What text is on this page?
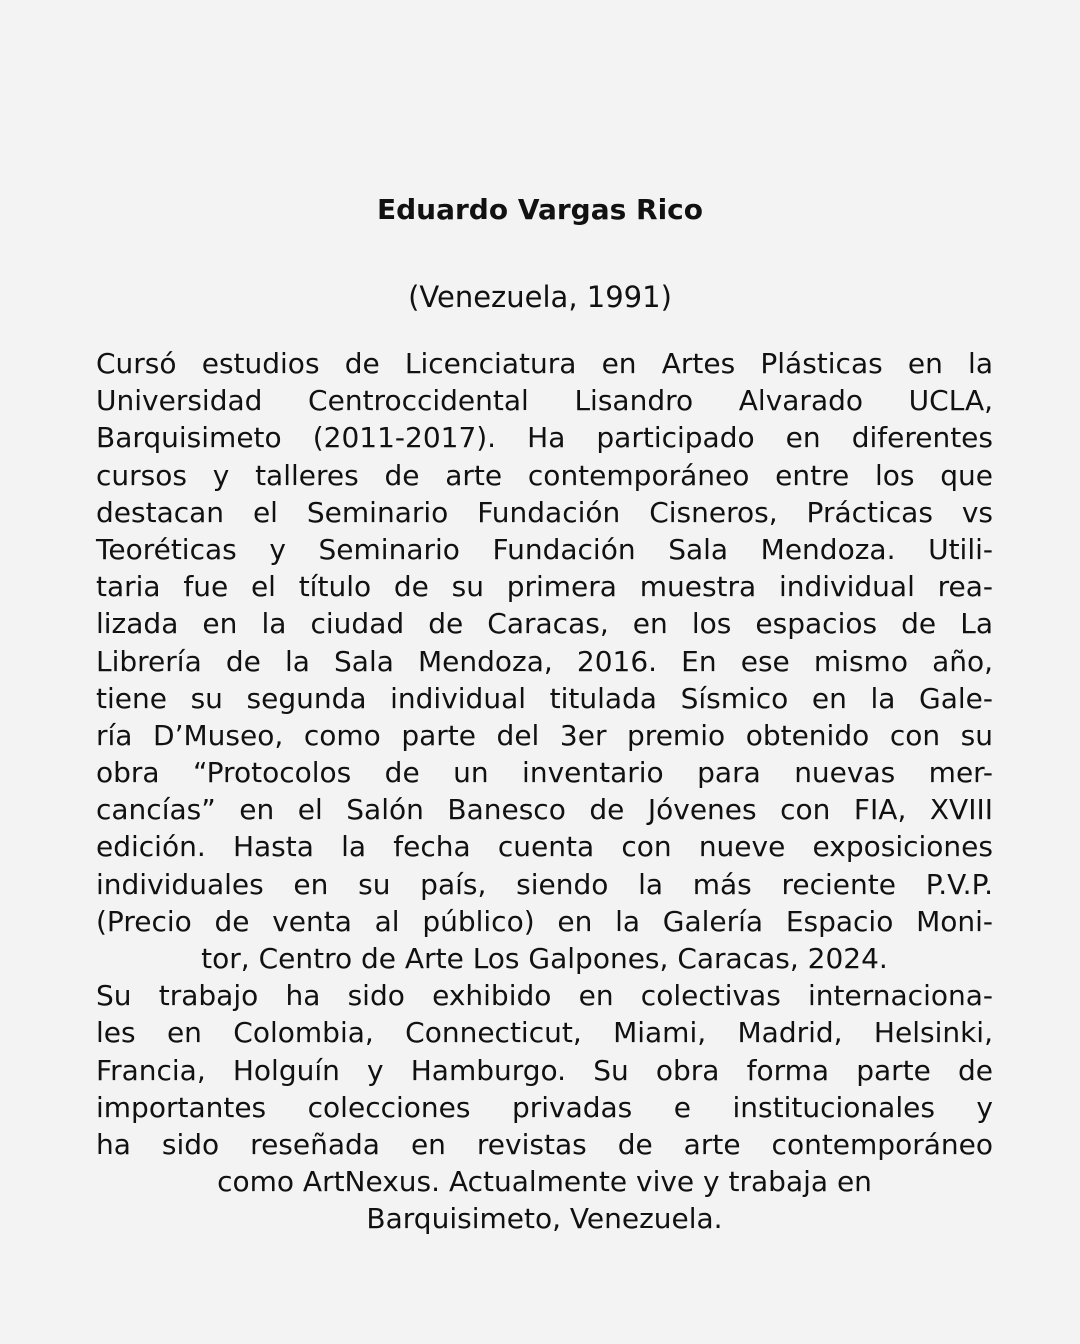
Eduardo Vargas Rico
(Venezuela, 1991)
Cursó estudios de Licenciatura en Artes Plásticas en la
Universidad Centroccidental Lisandro Alvarado UCLA,
Barquisimeto (2011-2017). Ha participado en diferentes
cursos y talleres de arte contemporáneo entre los que
destacan el Seminario Fundación Cisneros, Prácticas vs
Teoréticas y Seminario Fundación Sala Mendoza. Utili-
taria fue el título de su primera muestra individual rea-
lizada en la ciudad de Caracas, en los espacios de La
Librería de la Sala Mendoza, 2016. En ese mismo año,
tiene su segunda individual titulada Sísmico en la Gale-
ría D’Museo, como parte del 3er premio obtenido con su
obra “Protocolos de un inventario para nuevas mer-
cancías” en el Salón Banesco de Jóvenes con FIA, XVIII
edición. Hasta la fecha cuenta con nueve exposiciones
individuales en su país, siendo la más reciente P.V.P.
(Precio de venta al público) en la Galería Espacio Moni-
tor, Centro de Arte Los Galpones, Caracas, 2024.
Su trabajo ha sido exhibido en colectivas internaciona-
les en Colombia, Connecticut, Miami, Madrid, Helsinki,
Francia, Holguín y Hamburgo. Su obra forma parte de
importantes colecciones privadas e institucionales y
ha sido reseñada en revistas de arte contemporáneo
como ArtNexus. Actualmente vive y trabaja en
Barquisimeto, Venezuela.
